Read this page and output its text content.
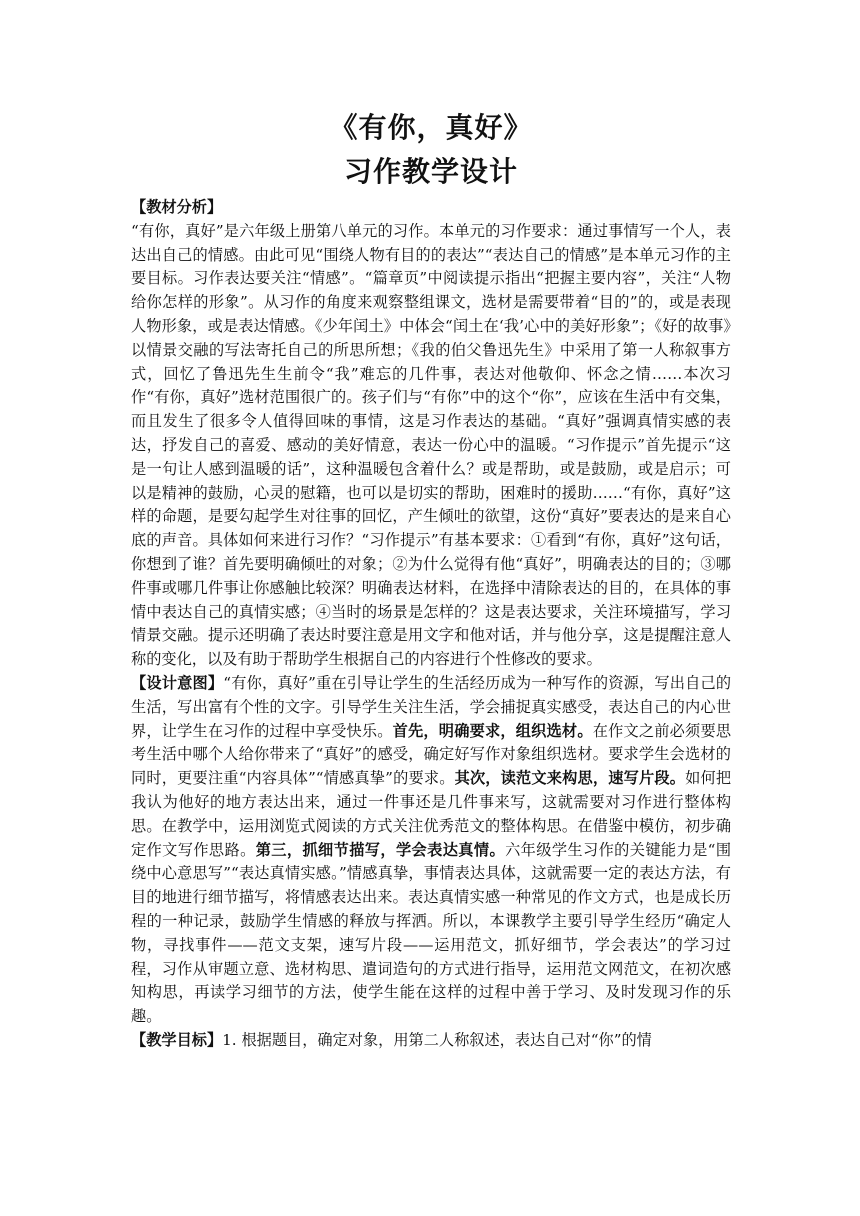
《有你，真好》
习作教学设计

【教材分析】
“有你，真好”是六年级上册第八单元的习作。本单元的习作要求：通过事情写一个人，表达出自己的情感。由此可见“围绕人物有目的的表达”“表达自己的情感”是本单元习作的主要目标。习作表达要关注“情感”。“篇章页”中阅读提示指出“把握主要内容”，关注“人物给你怎样的形象”。从习作的角度来观察整组课文，选材是需要带着“目的”的，或是表现人物形象，或是表达情感。《少年闰土》中体会“闰土在‘我’心中的美好形象”；《好的故事》以情景交融的写法寄托自己的所思所想；《我的伯父鲁迅先生》中采用了第一人称叙事方式，回忆了鲁迅先生生前令“我”难忘的几件事，表达对他敬仰、怀念之情……本次习作“有你，真好”选材范围很广的。孩子们与“有你”中的这个“你”，应该在生活中有交集，而且发生了很多令人值得回味的事情，这是习作表达的基础。“真好”强调真情实感的表达，抒发自己的喜爱、感动的美好情意，表达一份心中的温暖。“习作提示”首先提示“这是一句让人感到温暖的话”，这种温暖包含着什么？或是帮助，或是鼓励，或是启示；可以是精神的鼓励，心灵的慰籍，也可以是切实的帮助，困难时的援助……“有你，真好”这样的命题，是要勾起学生对往事的回忆，产生倾吐的欲望，这份“真好”要表达的是来自心底的声音。具体如何来进行习作？“习作提示”有基本要求：①看到“有你，真好”这句话，你想到了谁？首先要明确倾吐的对象；②为什么觉得有他“真好”，明确表达的目的；③哪件事或哪几件事让你感触比较深？明确表达材料，在选择中清除表达的目的，在具体的事情中表达自己的真情实感；④当时的场景是怎样的？这是表达要求，关注环境描写，学习情景交融。提示还明确了表达时要注意是用文字和他对话，并与他分享，这是提醒注意人称的变化，以及有助于帮助学生根据自己的内容进行个性修改的要求。

【设计意图】“有你，真好”重在引导让学生的生活经历成为一种写作的资源，写出自己的生活，写出富有个性的文字。引导学生关注生活，学会捕捉真实感受，表达自己的内心世界，让学生在习作的过程中享受快乐。首先，明确要求，组织选材。在作文之前必须要思考生活中哪个人给你带来了“真好”的感受，确定好写作对象组织选材。要求学生会选材的同时，更要注重“内容具体”“情感真挚”的要求。其次，读范文来构思，速写片段。如何把我认为他好的地方表达出来，通过一件事还是几件事来写，这就需要对习作进行整体构思。在教学中，运用浏览式阅读的方式关注优秀范文的整体构思。在借鉴中模仿，初步确定作文写作思路。第三，抓细节描写，学会表达真情。六年级学生习作的关键能力是“围绕中心意思写”“表达真情实感。”情感真挚，事情表达具体，这就需要一定的表达方法，有目的地进行细节描写，将情感表达出来。表达真情实感一种常见的作文方式，也是成长历程的一种记录，鼓励学生情感的释放与挥洒。所以，本课教学主要引导学生经历“确定人物，寻找事件——范文支架，速写片段——运用范文，抓好细节，学会表达”的学习过程，习作从审题立意、选材构思、遣词造句的方式进行指导，运用范文网范文，在初次感知构思，再读学习细节的方法，使学生能在这样的过程中善于学习、及时发现习作的乐趣。

【教学目标】1. 根据题目，确定对象，用第二人称叙述，表达自己对“你”的情
